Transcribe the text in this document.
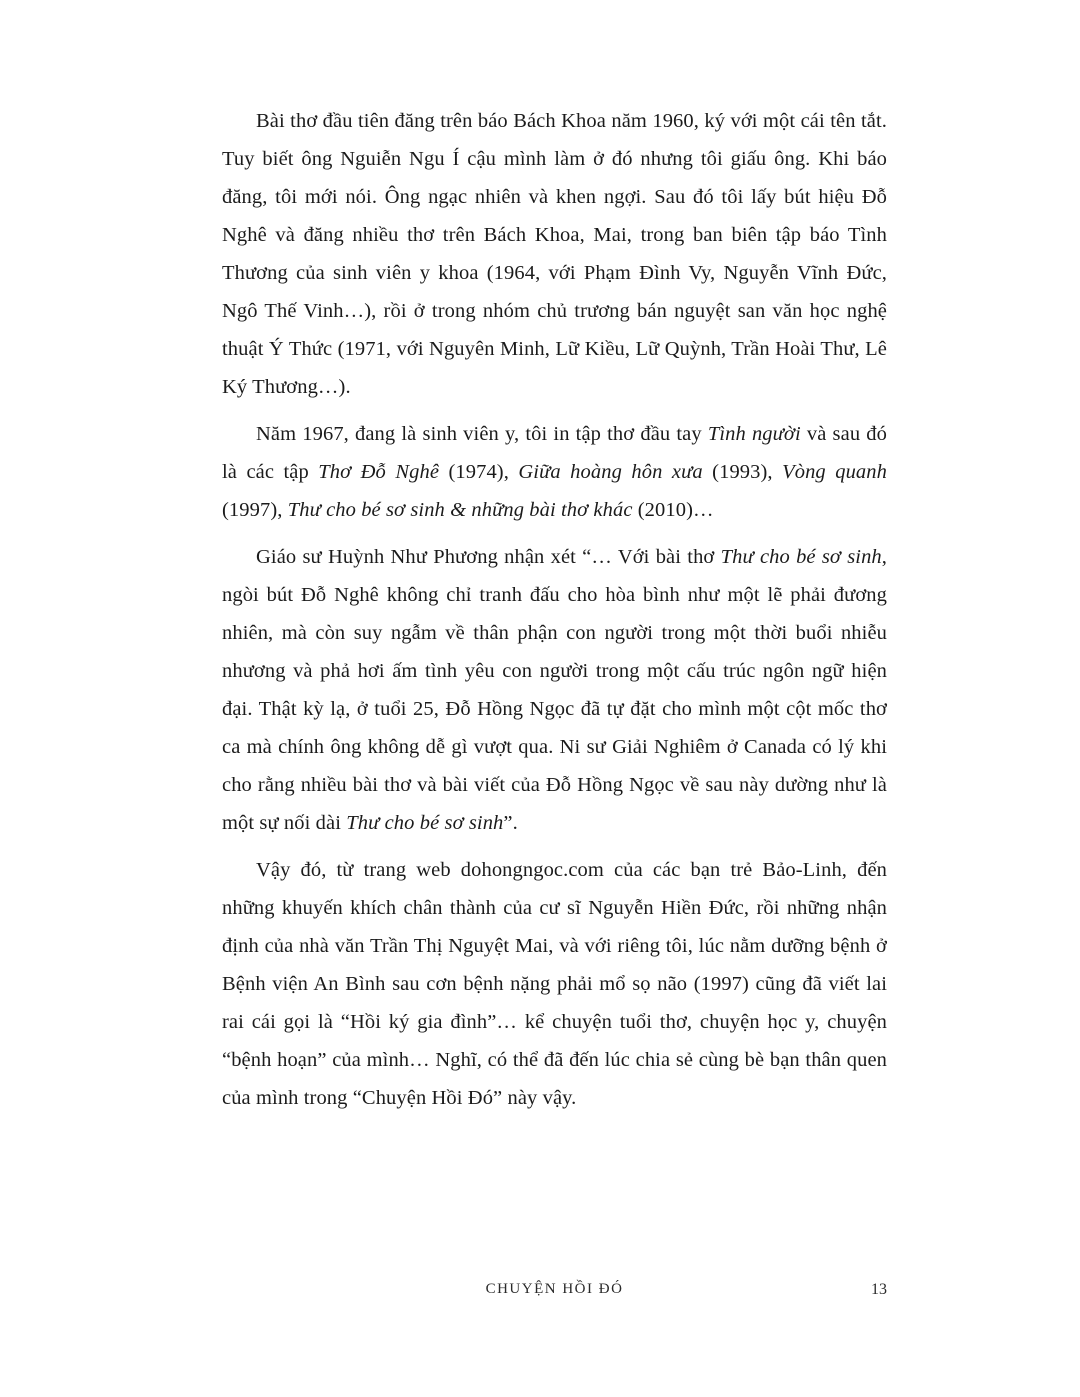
Bài thơ đầu tiên đăng trên báo Bách Khoa năm 1960, ký với một cái tên tắt. Tuy biết ông Nguiễn Ngu Í cậu mình làm ở đó nhưng tôi giấu ông. Khi báo đăng, tôi mới nói. Ông ngạc nhiên và khen ngợi. Sau đó tôi lấy bút hiệu Đỗ Nghê và đăng nhiều thơ trên Bách Khoa, Mai, trong ban biên tập báo Tình Thương của sinh viên y khoa (1964, với Phạm Đình Vy, Nguyễn Vĩnh Đức, Ngô Thế Vinh…), rồi ở trong nhóm chủ trương bán nguyệt san văn học nghệ thuật Ý Thức (1971, với Nguyên Minh, Lữ Kiều, Lữ Quỳnh, Trần Hoài Thư, Lê Ký Thương…).

Năm 1967, đang là sinh viên y, tôi in tập thơ đầu tay Tình người và sau đó là các tập Thơ Đỗ Nghê (1974), Giữa hoàng hôn xưa (1993), Vòng quanh (1997), Thư cho bé sơ sinh & những bài thơ khác (2010)…

Giáo sư Huỳnh Như Phương nhận xét “… Với bài thơ Thư cho bé sơ sinh, ngòi bút Đỗ Nghê không chỉ tranh đấu cho hòa bình như một lẽ phải đương nhiên, mà còn suy ngẫm về thân phận con người trong một thời buổi nhiễu nhương và phả hơi ấm tình yêu con người trong một cấu trúc ngôn ngữ hiện đại. Thật kỳ lạ, ở tuổi 25, Đỗ Hồng Ngọc đã tự đặt cho mình một cột mốc thơ ca mà chính ông không dễ gì vượt qua. Ni sư Giải Nghiêm ở Canada có lý khi cho rằng nhiều bài thơ và bài viết của Đỗ Hồng Ngọc về sau này dường như là một sự nối dài Thư cho bé sơ sinh”.

Vậy đó, từ trang web dohongngoc.com của các bạn trẻ Bảo-Linh, đến những khuyến khích chân thành của cư sĩ Nguyễn Hiền Đức, rồi những nhận định của nhà văn Trần Thị Nguyệt Mai, và với riêng tôi, lúc nằm dưỡng bệnh ở Bệnh viện An Bình sau cơn bệnh nặng phải mổ sọ não (1997) cũng đã viết lai rai cái gọi là “Hồi ký gia đình”… kể chuyện tuổi thơ, chuyện học y, chuyện “bệnh hoạn” của mình… Nghĩ, có thể đã đến lúc chia sẻ cùng bè bạn thân quen của mình trong “Chuyện Hồi Đó” này vậy.

CHUYỆN HỒI ĐÓ	13
